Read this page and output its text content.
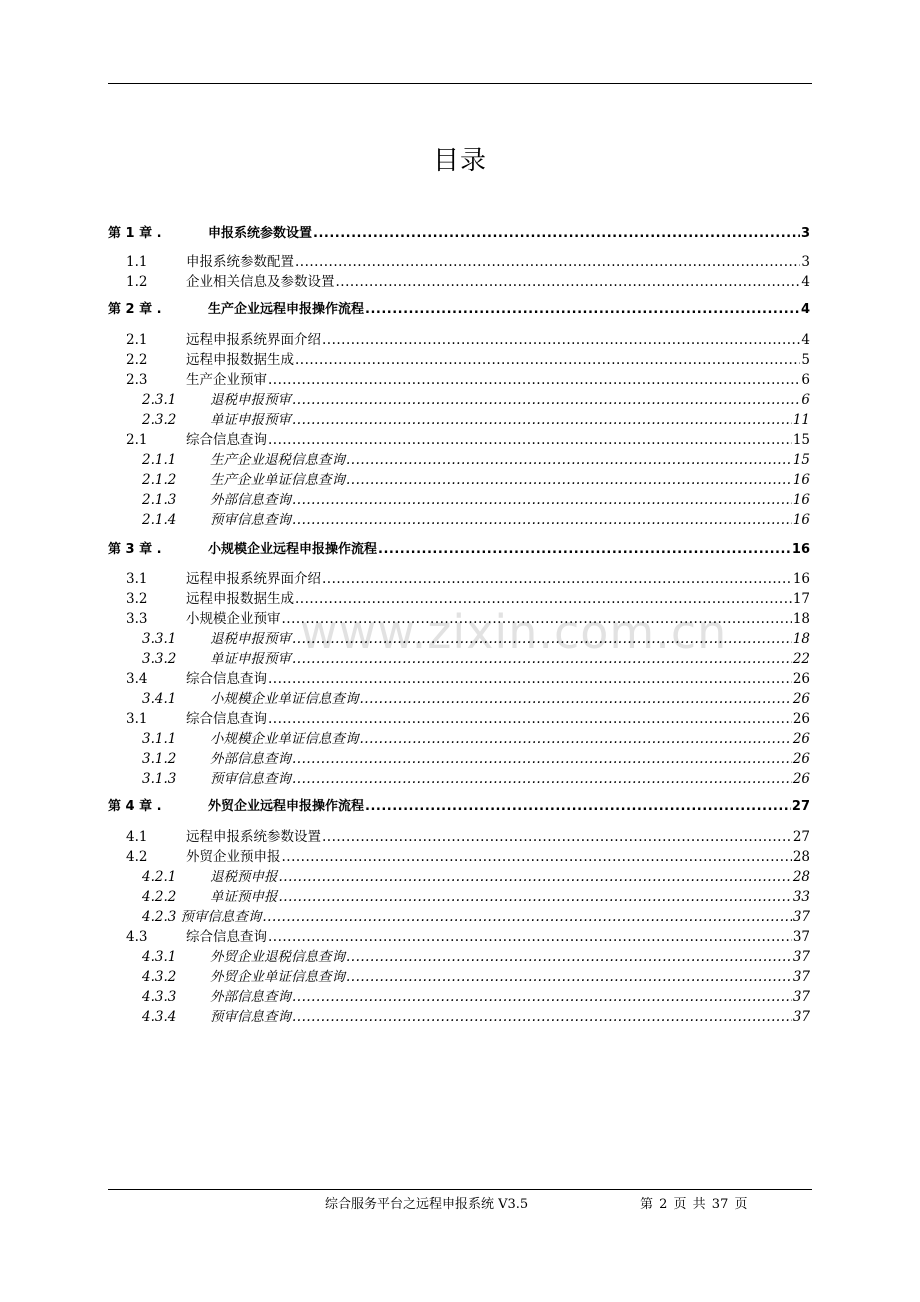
目录
www.zixin.com.cn
第 1 章 .	申报系统参数设置 .....	3
1.1	申报系统参数配置 .....	3
1.2	企业相关信息及参数设置 .....	4
第 2 章 .	生产企业远程申报操作流程 .....	4
2.1	远程申报系统界面介绍 .....	4
2.2	远程申报数据生成 .....	5
2.3	生产企业预审 .....	6
2.3.1	退税申报预审 .....	6
2.3.2	单证申报预审 .....	11
2.1	综合信息查询 .....	15
2.1.1	生产企业退税信息查询 .....	15
2.1.2	生产企业单证信息查询 .....	16
2.1.3	外部信息查询 .....	16
2.1.4	预审信息查询 .....	16
第 3 章 .	小规模企业远程申报操作流程 .....	16
3.1	远程申报系统界面介绍 .....	16
3.2	远程申报数据生成 .....	17
3.3	小规模企业预审 .....	18
3.3.1	退税申报预审 .....	18
3.3.2	单证申报预审 .....	22
3.4	综合信息查询 .....	26
3.4.1	小规模企业单证信息查询 .....	26
3.1	综合信息查询 .....	26
3.1.1	小规模企业单证信息查询 .....	26
3.1.2	外部信息查询 .....	26
3.1.3	预审信息查询 .....	26
第 4 章 .	外贸企业远程申报操作流程 .....	27
4.1	远程申报系统参数设置 .....	27
4.2	外贸企业预申报 .....	28
4.2.1	退税预申报 .....	28
4.2.2	单证预申报 .....	33
4.2.3 预审信息查询 .....	37
4.3	综合信息查询 .....	37
4.3.1	外贸企业退税信息查询 .....	37
4.3.2	外贸企业单证信息查询 .....	37
4.3.3	外部信息查询 .....	37
4.3.4	预审信息查询 .....	37
综合服务平台之远程申报系统 V3.5	第 2 页 共 37 页
